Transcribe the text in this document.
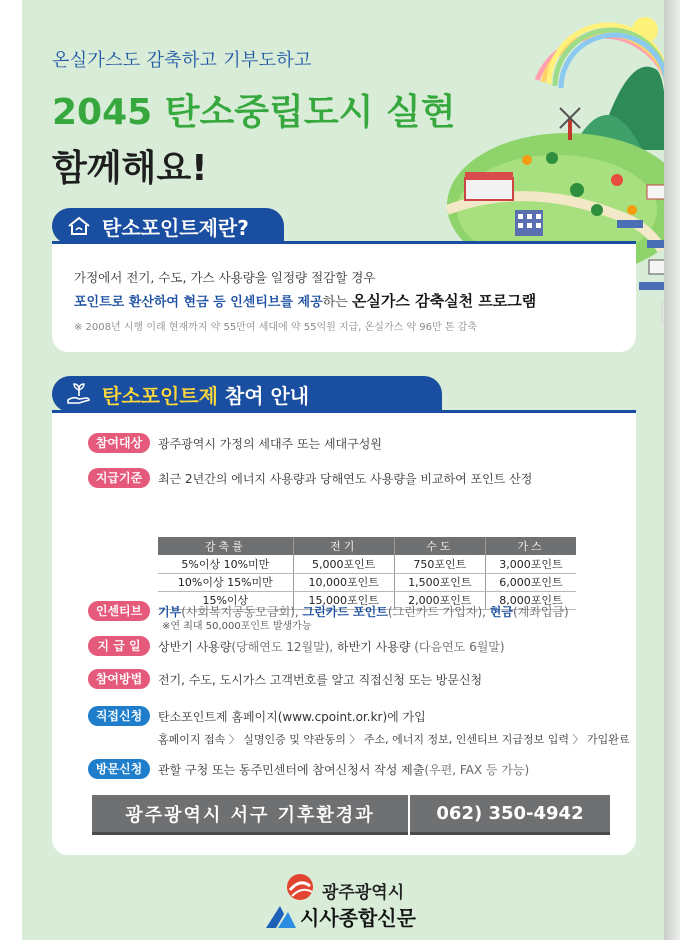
온실가스도 감축하고 기부도하고
2045 탄소중립도시 실현
함께해요!
탄소포인트제란?
가정에서 전기, 수도, 가스 사용량을 일정량 절감할 경우
포인트로 환산하여 현금 등 인센티브를 제공하는 온실가스 감축실천 프로그램
※ 2008년 시행 이래 현재까지 약 55만여 세대에 약 55억원 지급, 온실가스 약 96만 톤 감축
탄소포인트제 참여 안내
참여대상	광주광역시 가정의 세대주 또는 세대구성원
지급기준	최근 2년간의 에너지 사용량과 당해연도 사용량을 비교하여 포인트 산정
감축률	전기	수도	가스
5%이상 10%미만	5,000포인트	750포인트	3,000포인트
10%이상 15%미만	10,000포인트	1,500포인트	6,000포인트
15%이상	15,000포인트	2,000포인트	8,000포인트
※연 최대 50,000포인트 발생가능
인센티브	기부(사회복지공동모금회), 그린카드 포인트(그린카드 가입자), 현금(계좌입금)
지 급 일	상반기 사용량(당해연도 12월말), 하반기 사용량 (다음연도 6월말)
참여방법	전기, 수도, 도시가스 고객번호를 알고 직접신청 또는 방문신청
직접신청	탄소포인트제 홈페이지(www.cpoint.or.kr)에 가입
홈페이지 접속 〉 실명인증 및 약관동의 〉 주소, 에너지 정보, 인센티브 지급정보 입력 〉 가입완료
방문신청	관할 구청 또는 동주민센터에 참여신청서 작성 제출(우편, FAX 등 가능)
광주광역시 서구 기후환경과	062) 350-4942
광주광역시
시사종합신문
